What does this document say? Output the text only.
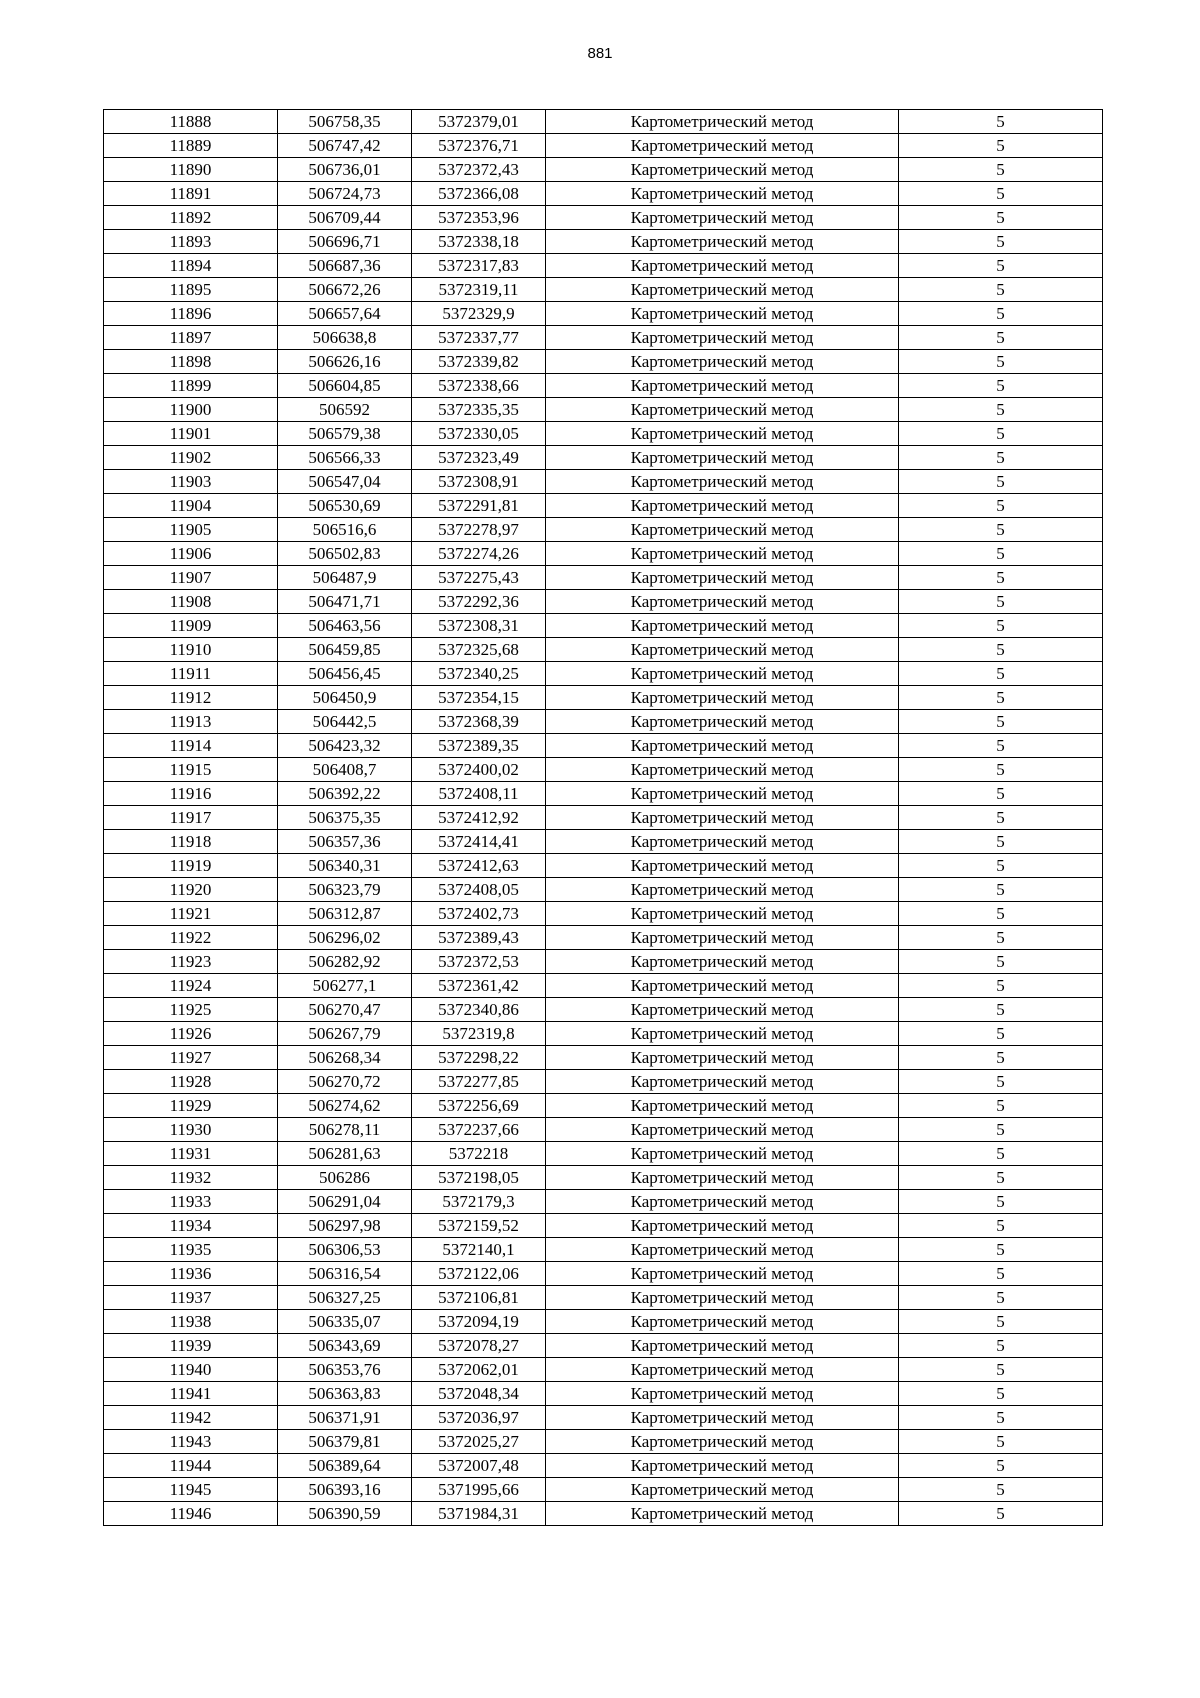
881
11888	506758,35	5372379,01	Картометрический метод	5
11889	506747,42	5372376,71	Картометрический метод	5
11890	506736,01	5372372,43	Картометрический метод	5
11891	506724,73	5372366,08	Картометрический метод	5
11892	506709,44	5372353,96	Картометрический метод	5
11893	506696,71	5372338,18	Картометрический метод	5
11894	506687,36	5372317,83	Картометрический метод	5
11895	506672,26	5372319,11	Картометрический метод	5
11896	506657,64	5372329,9	Картометрический метод	5
11897	506638,8	5372337,77	Картометрический метод	5
11898	506626,16	5372339,82	Картометрический метод	5
11899	506604,85	5372338,66	Картометрический метод	5
11900	506592	5372335,35	Картометрический метод	5
11901	506579,38	5372330,05	Картометрический метод	5
11902	506566,33	5372323,49	Картометрический метод	5
11903	506547,04	5372308,91	Картометрический метод	5
11904	506530,69	5372291,81	Картометрический метод	5
11905	506516,6	5372278,97	Картометрический метод	5
11906	506502,83	5372274,26	Картометрический метод	5
11907	506487,9	5372275,43	Картометрический метод	5
11908	506471,71	5372292,36	Картометрический метод	5
11909	506463,56	5372308,31	Картометрический метод	5
11910	506459,85	5372325,68	Картометрический метод	5
11911	506456,45	5372340,25	Картометрический метод	5
11912	506450,9	5372354,15	Картометрический метод	5
11913	506442,5	5372368,39	Картометрический метод	5
11914	506423,32	5372389,35	Картометрический метод	5
11915	506408,7	5372400,02	Картометрический метод	5
11916	506392,22	5372408,11	Картометрический метод	5
11917	506375,35	5372412,92	Картометрический метод	5
11918	506357,36	5372414,41	Картометрический метод	5
11919	506340,31	5372412,63	Картометрический метод	5
11920	506323,79	5372408,05	Картометрический метод	5
11921	506312,87	5372402,73	Картометрический метод	5
11922	506296,02	5372389,43	Картометрический метод	5
11923	506282,92	5372372,53	Картометрический метод	5
11924	506277,1	5372361,42	Картометрический метод	5
11925	506270,47	5372340,86	Картометрический метод	5
11926	506267,79	5372319,8	Картометрический метод	5
11927	506268,34	5372298,22	Картометрический метод	5
11928	506270,72	5372277,85	Картометрический метод	5
11929	506274,62	5372256,69	Картометрический метод	5
11930	506278,11	5372237,66	Картометрический метод	5
11931	506281,63	5372218	Картометрический метод	5
11932	506286	5372198,05	Картометрический метод	5
11933	506291,04	5372179,3	Картометрический метод	5
11934	506297,98	5372159,52	Картометрический метод	5
11935	506306,53	5372140,1	Картометрический метод	5
11936	506316,54	5372122,06	Картометрический метод	5
11937	506327,25	5372106,81	Картометрический метод	5
11938	506335,07	5372094,19	Картометрический метод	5
11939	506343,69	5372078,27	Картометрический метод	5
11940	506353,76	5372062,01	Картометрический метод	5
11941	506363,83	5372048,34	Картометрический метод	5
11942	506371,91	5372036,97	Картометрический метод	5
11943	506379,81	5372025,27	Картометрический метод	5
11944	506389,64	5372007,48	Картометрический метод	5
11945	506393,16	5371995,66	Картометрический метод	5
11946	506390,59	5371984,31	Картометрический метод	5
